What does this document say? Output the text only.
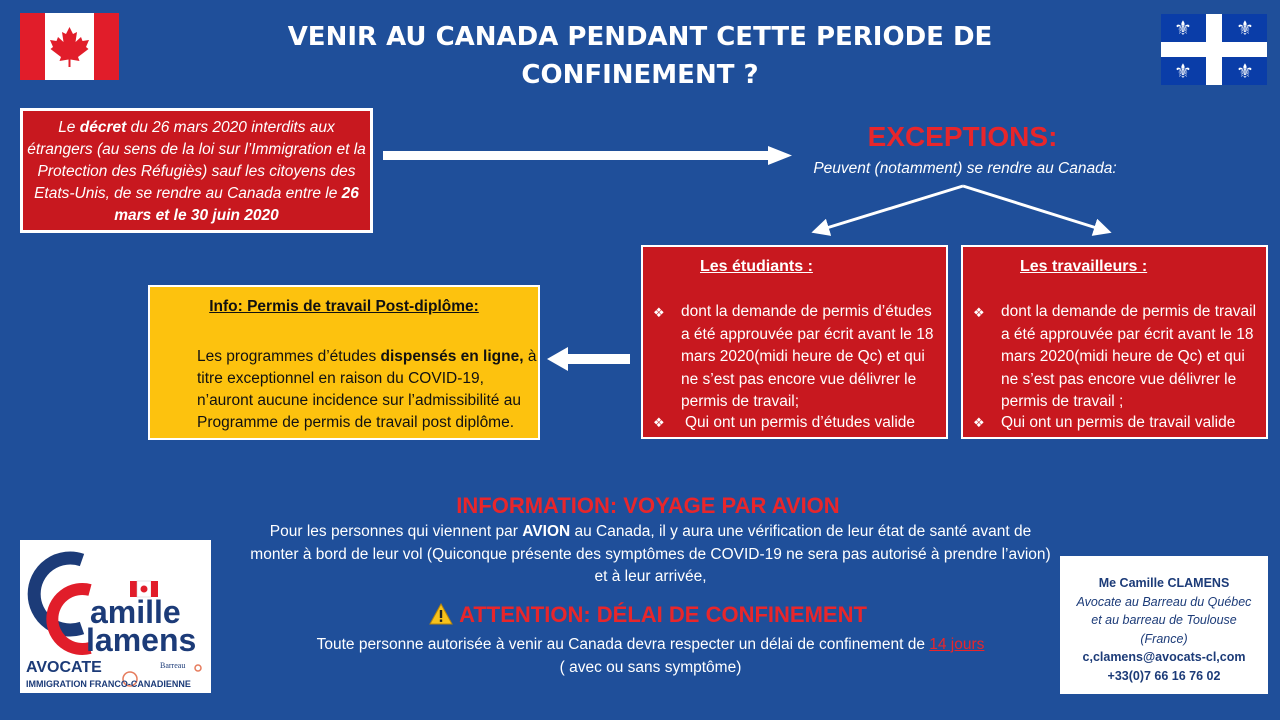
VENIR AU CANADA PENDANT CETTE PERIODE DE
CONFINEMENT ?
⚜ ⚜
⚜ ⚜
Le décret du 26 mars 2020 interdits aux étrangers (au sens de la loi sur l’Immigration et la Protection des Réfugiès) sauf les citoyens des Etats-Unis, de se rendre au Canada entre le 26 mars et le 30 juin 2020
EXCEPTIONS:
Peuvent (notamment) se rendre au Canada:
Les étudiants :
❖ dont la demande de permis d’études
a été approuvée par écrit avant le 18
mars 2020(midi heure de Qc) et qui
ne s’est pas encore vue délivrer le
permis de travail;
❖ Qui ont un permis d’études valide
Les travailleurs :
❖ dont la demande de permis de travail
a été approuvée par écrit avant le 18
mars 2020(midi heure de Qc) et qui
ne s’est pas encore vue délivrer le
permis de travail ;
❖ Qui ont un permis de travail valide
Info: Permis de travail Post-diplôme:
Les programmes d’études dispensés en ligne, à titre exceptionnel en raison du COVID-19, n’auront aucune incidence sur l’admissibilité au Programme de permis de travail post diplôme.
INFORMATION: VOYAGE PAR AVION
Pour les personnes qui viennent par AVION au Canada, il y aura une vérification de leur état de santé avant de monter à bord de leur vol (Quiconque présente des symptômes de COVID-19 ne sera pas autorisé à prendre l’avion) et à leur arrivée,
ATTENTION: DÉLAI DE CONFINEMENT
Toute personne autorisée à venir au Canada devra respecter un délai de confinement de 14 jours
( avec ou sans symptôme)
amille
lamens
AVOCATE	Barreau
IMMIGRATION FRANCO-CANADIENNE
Me Camille CLAMENS
Avocate au Barreau du Québec
et au barreau de Toulouse
(France)
c,clamens@avocats-cl,com
+33(0)7 66 16 76 02
